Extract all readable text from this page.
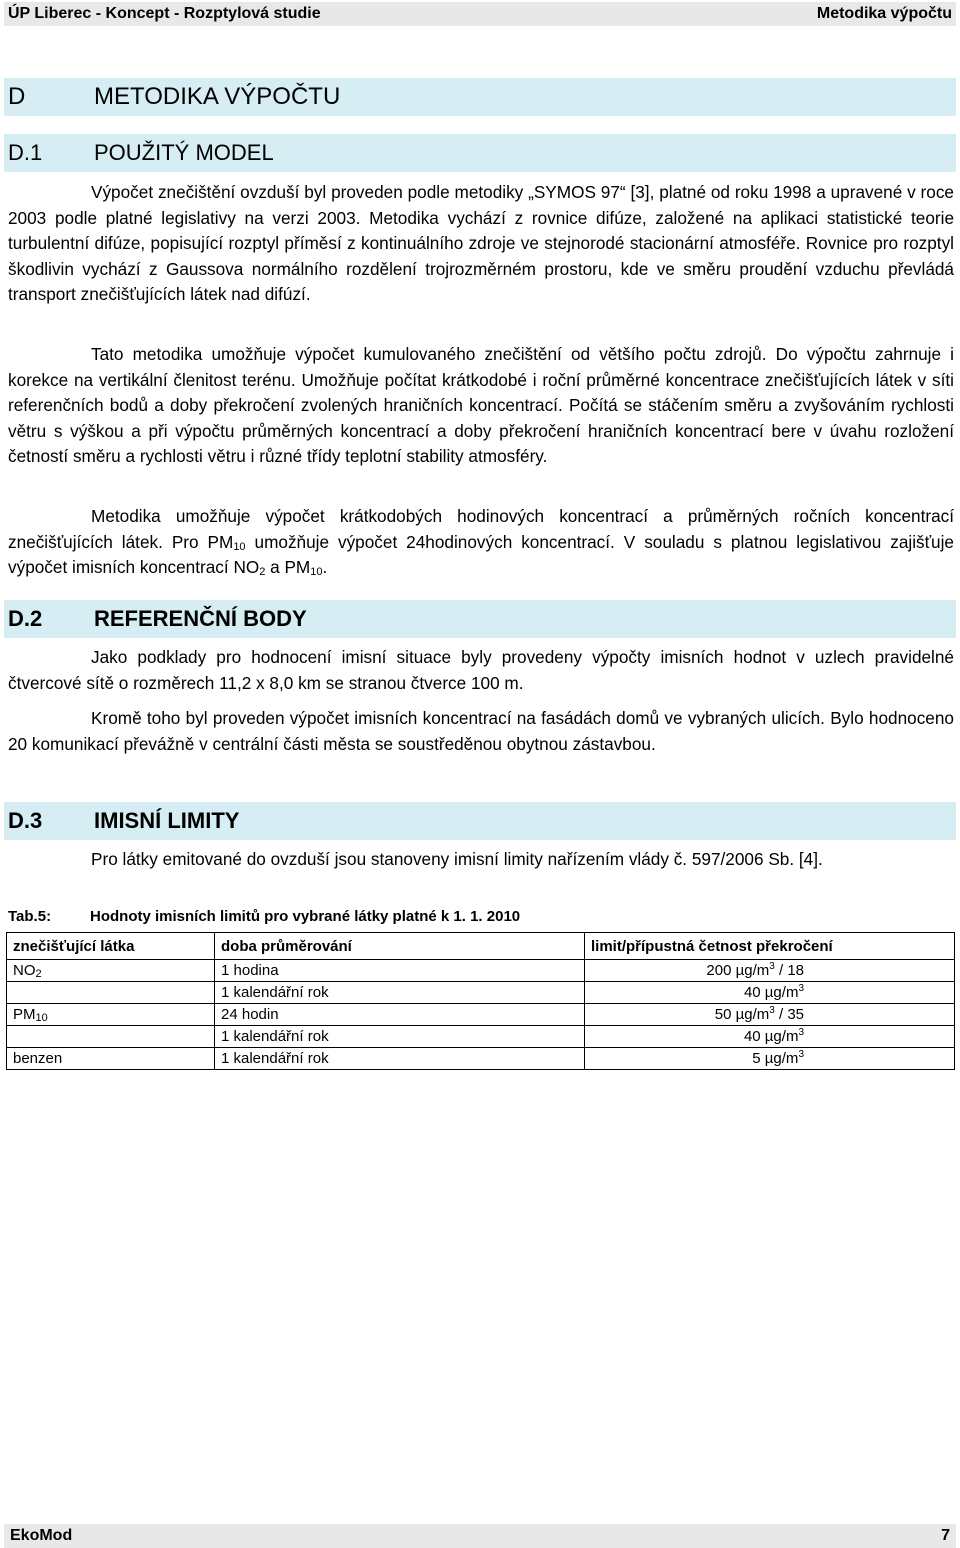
ÚP Liberec - Koncept - Rozptylová studie	Metodika výpočtu
D	METODIKA VÝPOČTU
D.1	POUŽITÝ MODEL

Výpočet znečištění ovzduší byl proveden podle metodiky „SYMOS 97“ [3], platné od roku 1998 a upravené v roce 2003 podle platné legislativy na verzi 2003. Metodika vychází z rovnice difúze, založené na aplikaci statistické teorie turbulentní difúze, popisující rozptyl příměsí z kontinuálního zdroje ve stejnorodé stacionární atmosféře. Rovnice pro rozptyl škodlivin vychází z Gaussova normálního rozdělení trojrozměrném prostoru, kde ve směru proudění vzduchu převládá transport znečišťujících látek nad difúzí.

Tato metodika umožňuje výpočet kumulovaného znečištění od většího počtu zdrojů. Do výpočtu zahrnuje i korekce na vertikální členitost terénu. Umožňuje počítat krátkodobé i roční průměrné koncentrace znečišťujících látek v síti referenčních bodů a doby překročení zvolených hraničních koncentrací. Počítá se stáčením směru a zvyšováním rychlosti větru s výškou a při výpočtu průměrných koncentrací a doby překročení hraničních koncentrací bere v úvahu rozložení četností směru a rychlosti větru i různé třídy teplotní stability atmosféry.

Metodika umožňuje výpočet krátkodobých hodinových koncentrací a průměrných ročních koncentrací znečišťujících látek. Pro $PM_{10}$ umožňuje výpočet 24hodinových koncentrací. V souladu s platnou legislativou zajišťuje výpočet imisních koncentrací $NO_2$ a $PM_{10}$.

D.2	REFERENČNÍ BODY

Jako podklady pro hodnocení imisní situace byly provedeny výpočty imisních hodnot v uzlech pravidelné čtvercové sítě o rozměrech 11,2 x 8,0 km se stranou čtverce 100 m.

Kromě toho byl proveden výpočet imisních koncentrací na fasádách domů ve vybraných ulicích. Bylo hodnoceno 20 komunikací převážně v centrální části města se soustředěnou obytnou zástavbou.

D.3	IMISNÍ LIMITY

Pro látky emitované do ovzduší jsou stanoveny imisní limity nařízením vlády č. 597/2006 Sb. [4].

Tab.5:	Hodnoty imisních limitů pro vybrané látky platné k 1. 1. 2010
znečišťující látka	doba průměrování	limit/přípustná četnost překročení
$NO_2$	1 hodina	200 $\mu g/m^3 / 18$
	1 kalendářní rok	40 $\mu g/m^3$
$PM_{10}$	24 hodin	50 $\mu g/m^3 / 35$
	1 kalendářní rok	40 $\mu g/m^3$
benzen	1 kalendářní rok	5 $\mu g/m^3$
EkoMod	7
